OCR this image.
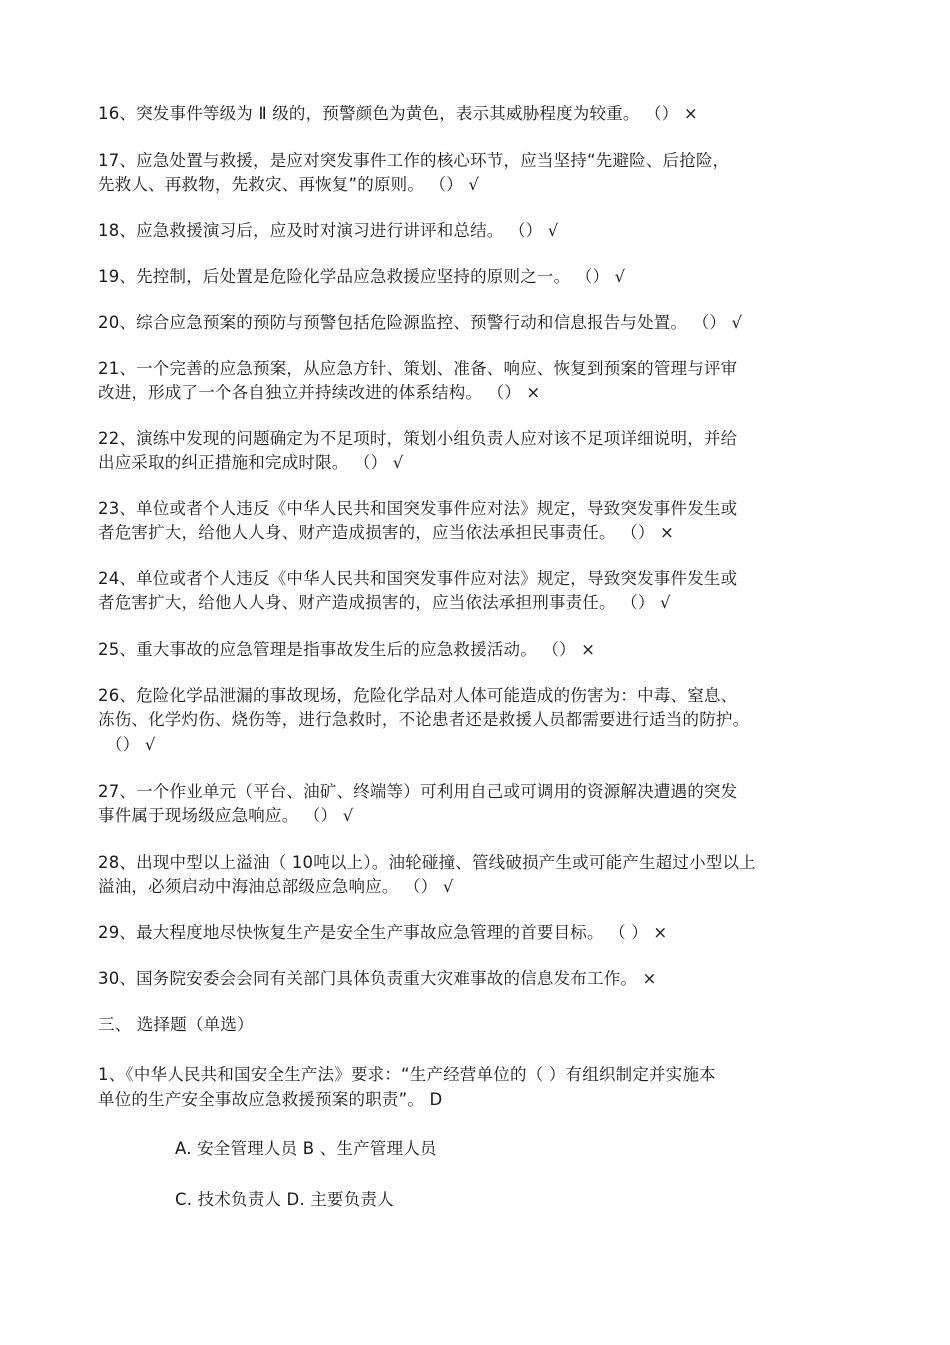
16、突发事件等级为 Ⅱ 级的，预警颜色为黄色，表示其威胁程度为较重。 （） ×
17、应急处置与救援，是应对突发事件工作的核心环节，应当坚持“先避险、后抢险，
先救人、再救物，先救灾、再恢复”的原则。 （） √
18、应急救援演习后，应及时对演习进行讲评和总结。 （） √
19、先控制，后处置是危险化学品应急救援应坚持的原则之一。 （） √
20、综合应急预案的预防与预警包括危险源监控、预警行动和信息报告与处置。 （） √
21、一个完善的应急预案，从应急方针、策划、准备、响应、恢复到预案的管理与评审
改进，形成了一个各自独立并持续改进的体系结构。 （） ×
22、演练中发现的问题确定为不足项时，策划小组负责人应对该不足项详细说明，并给
出应采取的纠正措施和完成时限。 （） √
23、单位或者个人违反《中华人民共和国突发事件应对法》规定，导致突发事件发生或
者危害扩大，给他人人身、财产造成损害的，应当依法承担民事责任。 （） ×
24、单位或者个人违反《中华人民共和国突发事件应对法》规定，导致突发事件发生或
者危害扩大，给他人人身、财产造成损害的，应当依法承担刑事责任。 （） √
25、重大事故的应急管理是指事故发生后的应急救援活动。 （） ×
26、危险化学品泄漏的事故现场，危险化学品对人体可能造成的伤害为：中毒、窒息、
冻伤、化学灼伤、烧伤等，进行急救时，不论患者还是救援人员都需要进行适当的防护。
（） √
27、一个作业单元（平台、油矿、终端等）可利用自己或可调用的资源解决遭遇的突发
事件属于现场级应急响应。 （） √
28、出现中型以上溢油（ 10吨以上）。油轮碰撞、管线破损产生或可能产生超过小型以上
溢油，必须启动中海油总部级应急响应。 （） √
29、最大程度地尽快恢复生产是安全生产事故应急管理的首要目标。 （ ） ×
30、国务院安委会会同有关部门具体负责重大灾难事故的信息发布工作。 ×
三、 选择题（单选）
1、《中华人民共和国安全生产法》要求：“生产经营单位的（ ）有组织制定并实施本
单位的生产安全事故应急救援预案的职责”。 D
A. 安全管理人员 B 、生产管理人员
C. 技术负责人 D. 主要负责人
